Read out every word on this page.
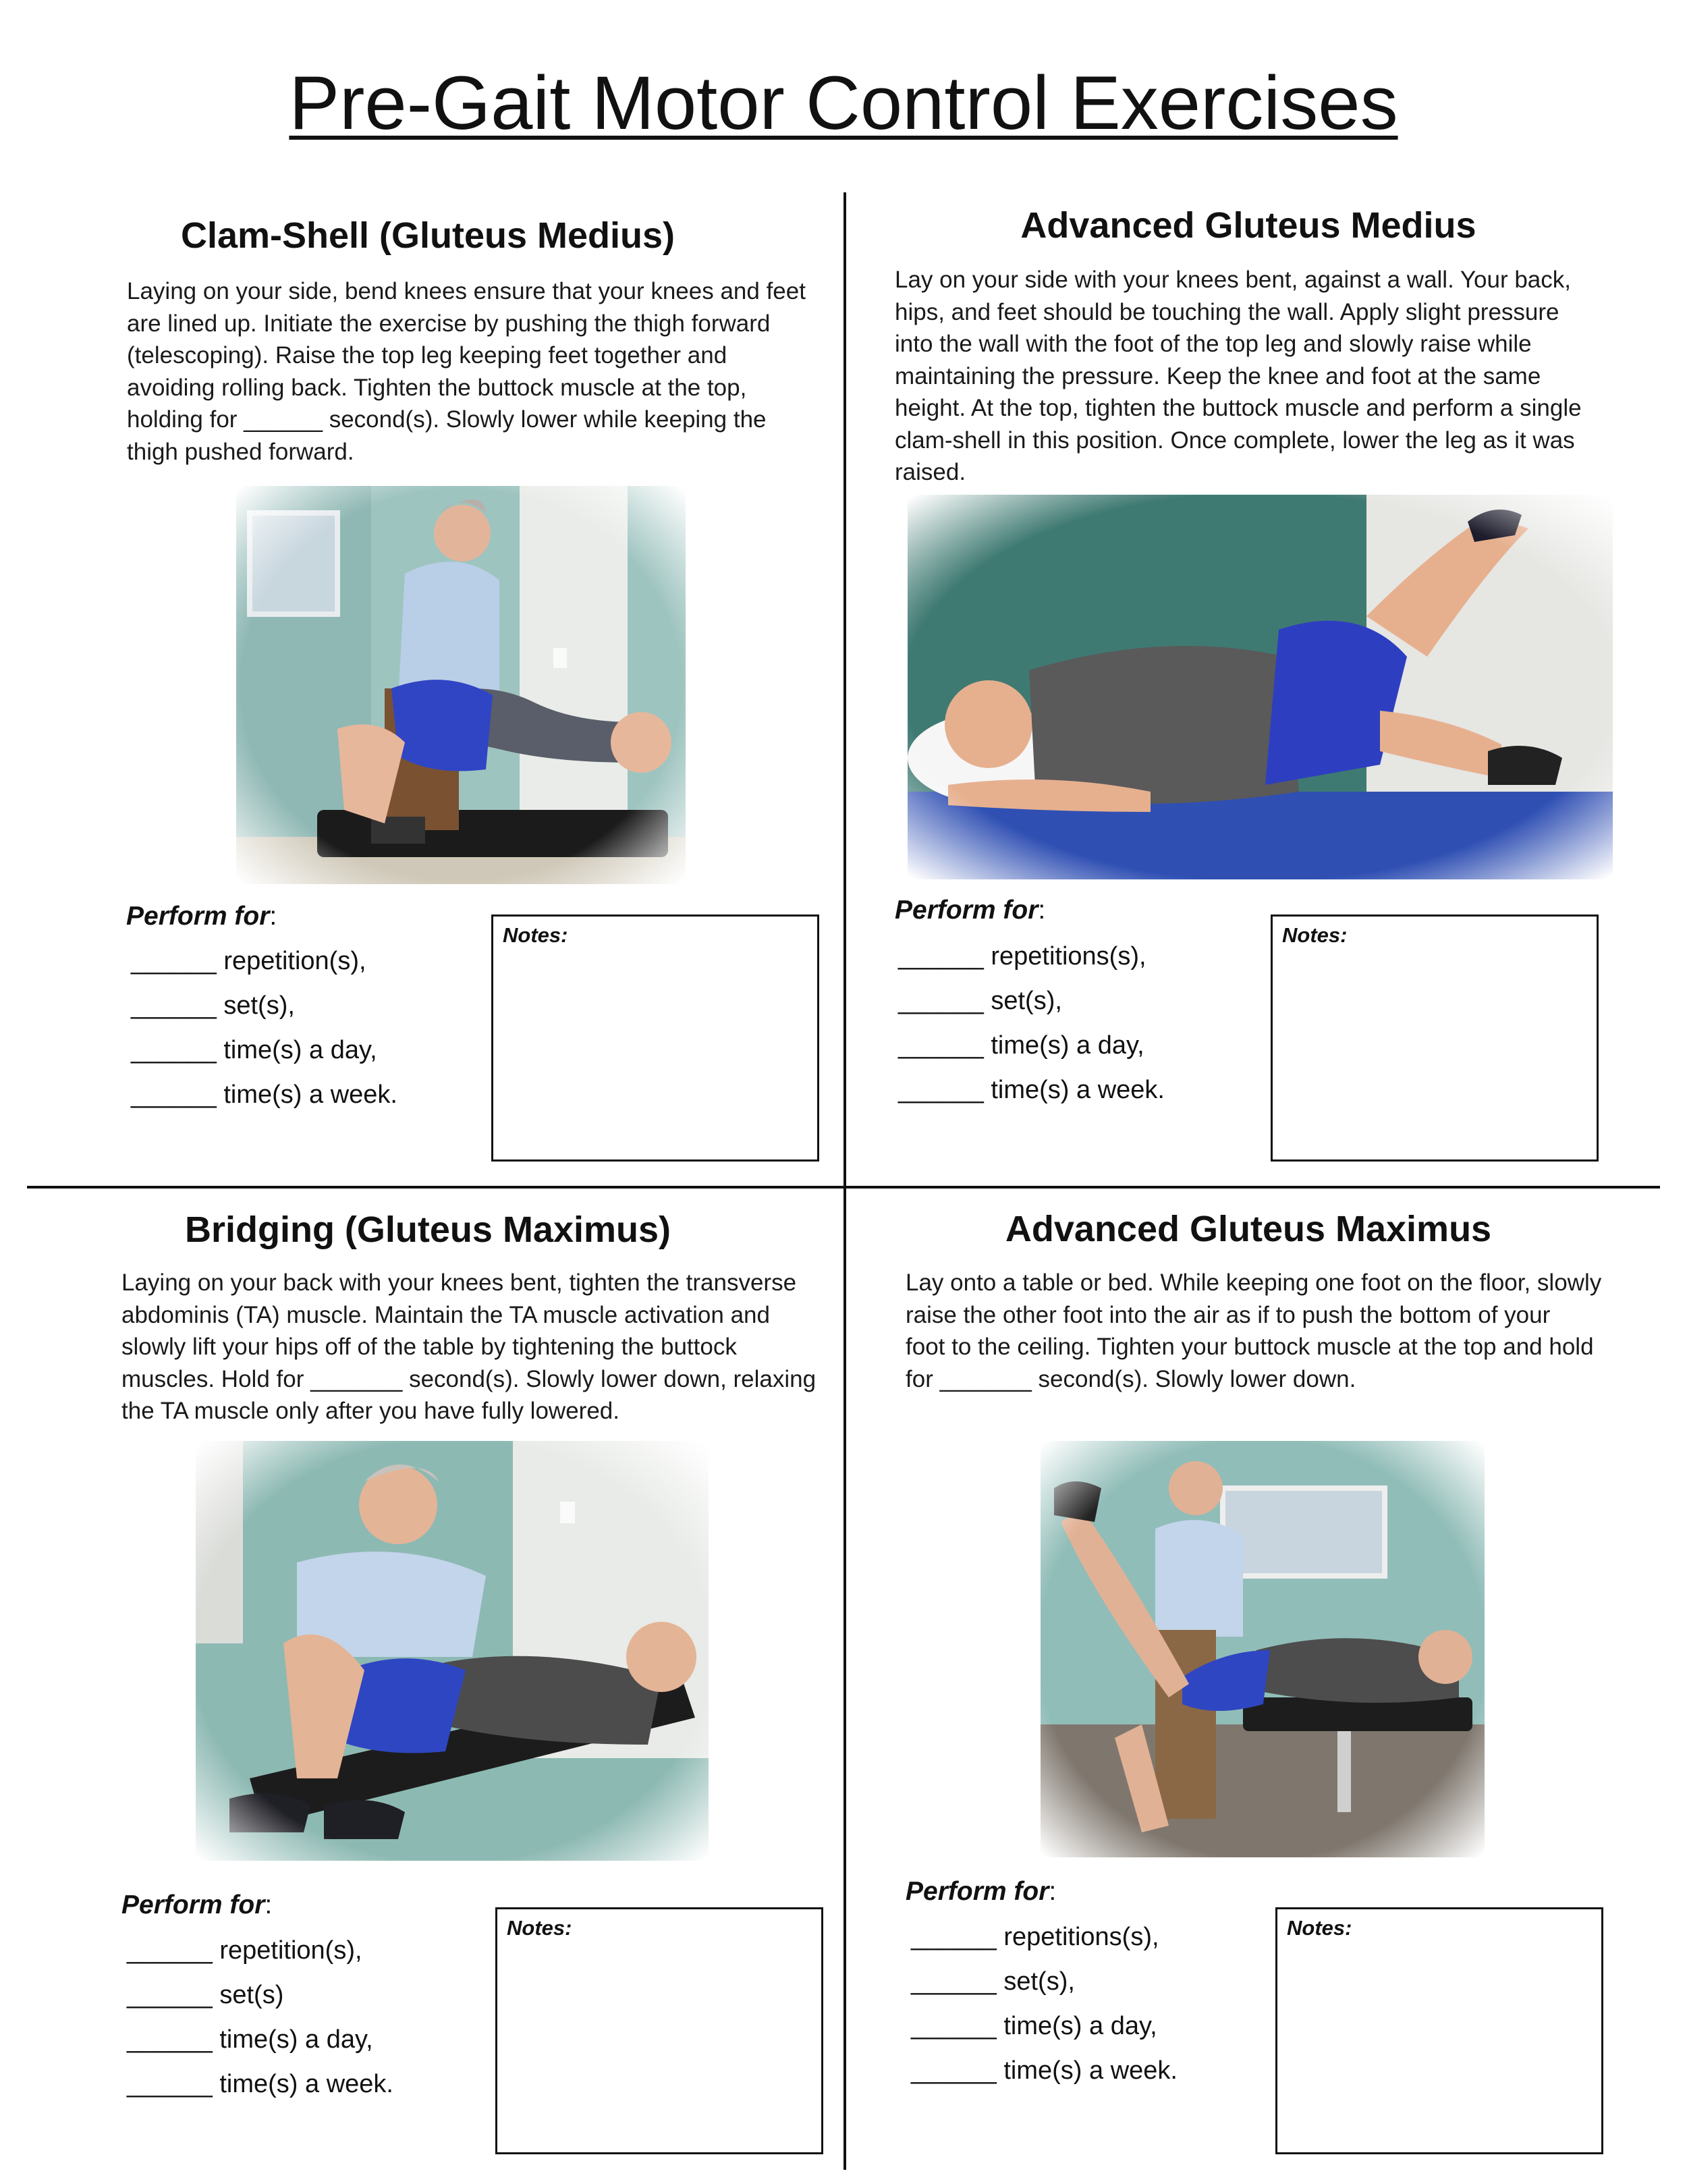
Pre-Gait Motor Control Exercises
Clam-Shell (Gluteus Medius)
Laying on your side, bend knees ensure that your knees and feet
are lined up. Initiate the exercise by pushing the thigh forward
(telescoping). Raise the top leg keeping feet together and
avoiding rolling back. Tighten the buttock muscle at the top,
holding for ______ second(s). Slowly lower while keeping the
thigh pushed forward.
Perform for:
______ repetition(s),
______ set(s),
______ time(s) a day,
______ time(s) a week.
Notes:
Advanced Gluteus Medius
Lay on your side with your knees bent, against a wall. Your back,
hips, and feet should be touching the wall. Apply slight pressure
into the wall with the foot of the top leg and slowly raise while
maintaining the pressure. Keep the knee and foot at the same
height. At the top, tighten the buttock muscle and perform a single
clam-shell in this position. Once complete, lower the leg as it was
raised.
Perform for:
______ repetitions(s),
______ set(s),
______ time(s) a day,
______ time(s) a week.
Notes:
Bridging (Gluteus Maximus)
Laying on your back with your knees bent, tighten the transverse
abdominis (TA) muscle. Maintain the TA muscle activation and
slowly lift your hips off of the table by tightening the buttock
muscles. Hold for _______ second(s). Slowly lower down, relaxing
the TA muscle only after you have fully lowered.
Perform for:
______ repetition(s),
______ set(s)
______ time(s) a day,
______ time(s) a week.
Notes:
Advanced Gluteus Maximus
Lay onto a table or bed. While keeping one foot on the floor, slowly
raise the other foot into the air as if to push the bottom of your
foot to the ceiling. Tighten your buttock muscle at the top and hold
for _______ second(s). Slowly lower down.
Perform for:
______ repetitions(s),
______ set(s),
______ time(s) a day,
______ time(s) a week.
Notes:
